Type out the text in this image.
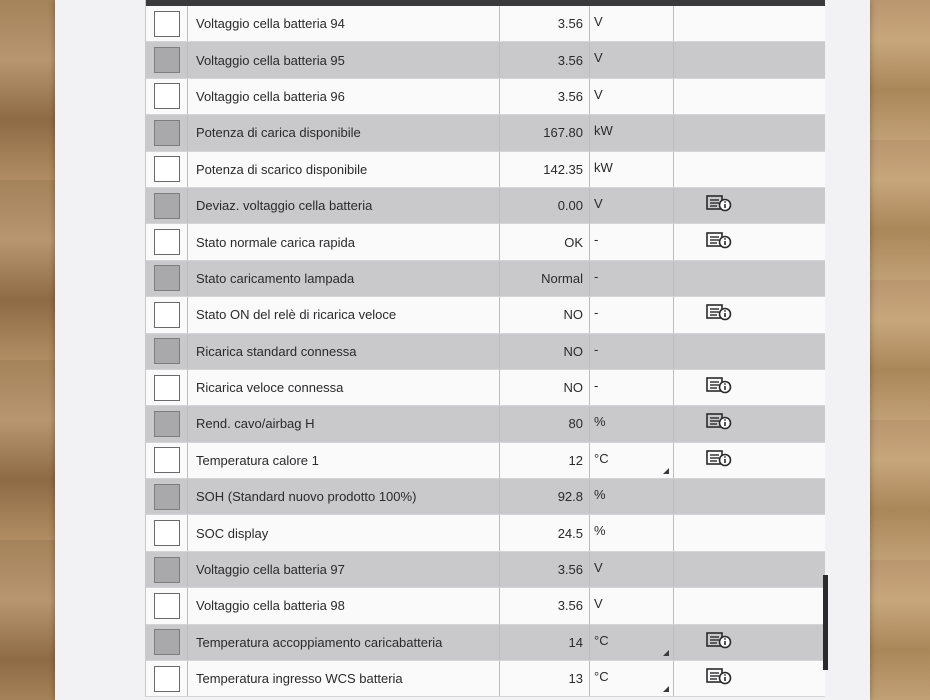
Voltaggio cella batteria 94	3.56 V
Voltaggio cella batteria 95	3.56 V
Voltaggio cella batteria 96	3.56 V
Potenza di carica disponibile	167.80 kW
Potenza di scarico disponibile	142.35 kW
Deviaz. voltaggio cella batteria	0.00 V
Stato normale carica rapida	OK -
Stato caricamento lampada	Normal -
Stato ON del relè di ricarica veloce	NO -
Ricarica standard connessa	NO -
Ricarica veloce connessa	NO -
Rend. cavo/airbag H	80 %
Temperatura calore 1	12 °C
SOH (Standard nuovo prodotto 100%)	92.8 %
SOC display	24.5 %
Voltaggio cella batteria 97	3.56 V
Voltaggio cella batteria 98	3.56 V
Temperatura accoppiamento caricabatteria	14 °C
Temperatura ingresso WCS batteria	13 °C
